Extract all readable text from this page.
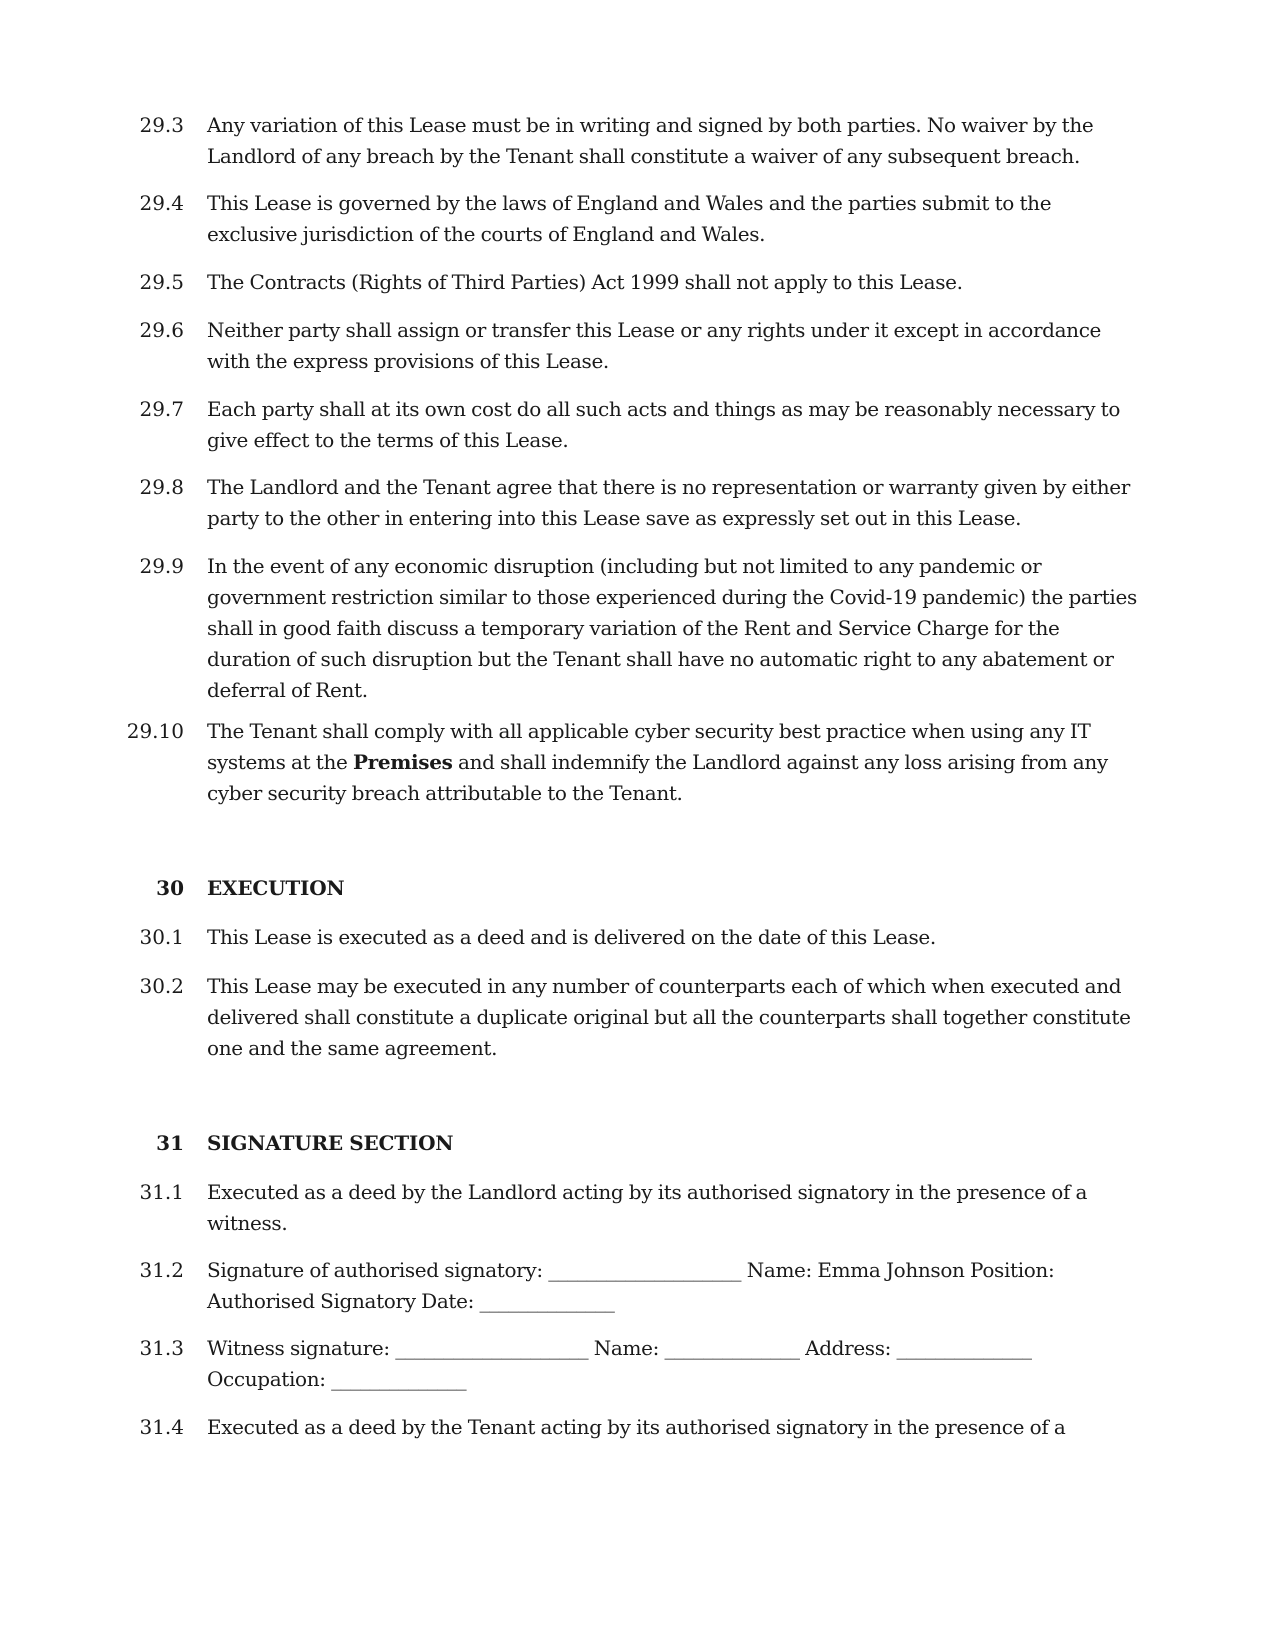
29.3 Any variation of this Lease must be in writing and signed by both parties. No waiver by the Landlord of any breach by the Tenant shall constitute a waiver of any subsequent breach.
29.4 This Lease is governed by the laws of England and Wales and the parties submit to the exclusive jurisdiction of the courts of England and Wales.
29.5 The Contracts (Rights of Third Parties) Act 1999 shall not apply to this Lease.
29.6 Neither party shall assign or transfer this Lease or any rights under it except in accordance with the express provisions of this Lease.
29.7 Each party shall at its own cost do all such acts and things as may be reasonably necessary to give effect to the terms of this Lease.
29.8 The Landlord and the Tenant agree that there is no representation or warranty given by either party to the other in entering into this Lease save as expressly set out in this Lease.
29.9 In the event of any economic disruption (including but not limited to any pandemic or government restriction similar to those experienced during the Covid-19 pandemic) the parties shall in good faith discuss a temporary variation of the Rent and Service Charge for the duration of such disruption but the Tenant shall have no automatic right to any abatement or deferral of Rent.
29.10 The Tenant shall comply with all applicable cyber security best practice when using any IT systems at the Premises and shall indemnify the Landlord against any loss arising from any cyber security breach attributable to the Tenant.
30 EXECUTION
30.1 This Lease is executed as a deed and is delivered on the date of this Lease.
30.2 This Lease may be executed in any number of counterparts each of which when executed and delivered shall constitute a duplicate original but all the counterparts shall together constitute one and the same agreement.
31 SIGNATURE SECTION
31.1 Executed as a deed by the Landlord acting by its authorised signatory in the presence of a witness.
31.2 Signature of authorised signatory: ____________________ Name: Emma Johnson Position: Authorised Signatory Date: ______________
31.3 Witness signature: ____________________ Name: ______________ Address: ______________ Occupation: ______________
31.4 Executed as a deed by the Tenant acting by its authorised signatory in the presence of a
